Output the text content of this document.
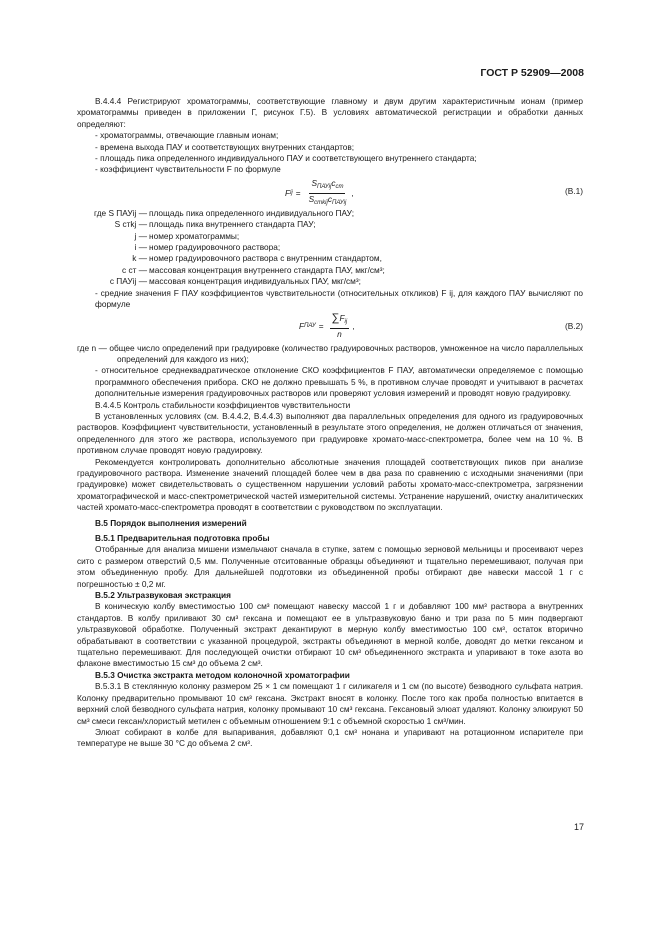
ГОСТ Р 52909—2008

В.4.4.4 Регистрируют хроматограммы, соответствующие главному и двум другим характеристичным ионам (пример хроматограммы приведен в приложении Г, рисунок Г.5). В условиях автоматической регистрации и обработки данных определяют:

- хроматограммы, отвечающие главным ионам;

- времена выхода ПАУ и соответствующих внутренних стандартов;

- площадь пика определенного индивидуального ПАУ и соответствующего внутреннего стандарта;

- коэффициент чувствительности F по формуле

F ij = $\frac{S_{ПАУij}c_{ст}}{S_{стkij}c_{ПАУij}}$ ,	(В.1)
где S ПАУij — площадь пика определенного индивидуального ПАУ;
S стkj — площадь пика внутреннего стандарта ПАУ;
j — номер хроматограммы;
i — номер градуировочного раствора;
k — номер градуировочного раствора с внутренним стандартом,
c ст — массовая концентрация внутреннего стандарта ПАУ, мкг/см³;
c ПАУij — массовая концентрация индивидуальных ПАУ, мкг/см³;

- средние значения F ПАУ коэффициентов чувствительности (относительных откликов) F ij, для каждого ПАУ вычисляют по формуле

F ПАУ = $\frac{\sum F_{ij}}{n}$ ,	(В.2)

где n — общее число определений при градуировке (количество градуировочных растворов, умноженное на число параллельных определений для каждого из них);

- относительное среднеквадратическое отклонение СКО коэффициентов F ПАУ, автоматически определяемое с помощью программного обеспечения прибора. СКО не должно превышать 5 %, в противном случае проводят и учитывают в расчетах дополнительные измерения градуировочных растворов или проверяют условия измерений и проводят новую градуировку.

В.4.4.5 Контроль стабильности коэффициентов чувствительности

В установленных условиях (см. В.4.4.2, В.4.4.3) выполняют два параллельных определения для одного из градуировочных растворов. Коэффициент чувствительности, установленный в результате этого определения, не должен отличаться от значения, определенного для этого же раствора, используемого при градуировке хромато-масс-спектрометра, более чем на 10 %. В противном случае проводят новую градуировку.

Рекомендуется контролировать дополнительно абсолютные значения площадей соответствующих пиков при анализе градуировочного раствора. Изменение значений площадей более чем в два раза по сравнению с исходными значениями (при градуировке) может свидетельствовать о существенном нарушении условий работы хромато-масс-спектрометра, загрязнении хроматографической и масс-спектрометрической частей измерительной системы. Устранение нарушений, очистку аналитических частей хромато-масс-спектрометра проводят в соответствии с руководством по эксплуатации.

В.5 Порядок выполнения измерений

В.5.1 Предварительная подготовка пробы

Отобранные для анализа мишени измельчают сначала в ступке, затем с помощью зерновой мельницы и просеивают через сито с размером отверстий 0,5 мм. Полученные отситованные образцы объединяют и тщательно перемешивают, получая при этом объединенную пробу. Для дальнейшей подготовки из объединенной пробы отбирают две навески массой 1 г с погрешностью ± 0,2 мг.

В.5.2 Ультразвуковая экстракция

В коническую колбу вместимостью 100 см³ помещают навеску массой 1 г и добавляют 100 мм³ раствора а внутренних стандартов. В колбу приливают 30 см³ гексана и помещают ее в ультразвуковую баню и три раза по 5 мин подвергают ультразвуковой обработке. Полученный экстракт декантируют в мерную колбу вместимостью 100 см³, остаток вторично обрабатывают в соответствии с указанной процедурой, экстракты объединяют в мерной колбе, доводят до метки гексаном и тщательно перемешивают. Для последующей очистки отбирают 10 см³ объединенного экстракта и упаривают в токе азота во флаконе вместимостью 15 см³ до объема 2 см³.

В.5.3 Очистка экстракта методом колоночной хроматографии

В.5.3.1 В стеклянную колонку размером 25 × 1 см помещают 1 г силикагеля и 1 см (по высоте) безводного сульфата натрия. Колонку предварительно промывают 10 см³ гексана. Экстракт вносят в колонку. После того как проба полностью впитается в верхний слой безводного сульфата натрия, колонку промывают 10 см³ гексана. Гексановый элюат удаляют. Колонку элюируют 50 см³ смеси гексан/хлористый метилен с объемным отношением 9:1 с объемной скоростью 1 см³/мин.

Элюат собирают в колбе для выпаривания, добавляют 0,1 см³ нонана и упаривают на ротационном испарителе при температуре не выше 30 °С до объема 2 см³.

17
